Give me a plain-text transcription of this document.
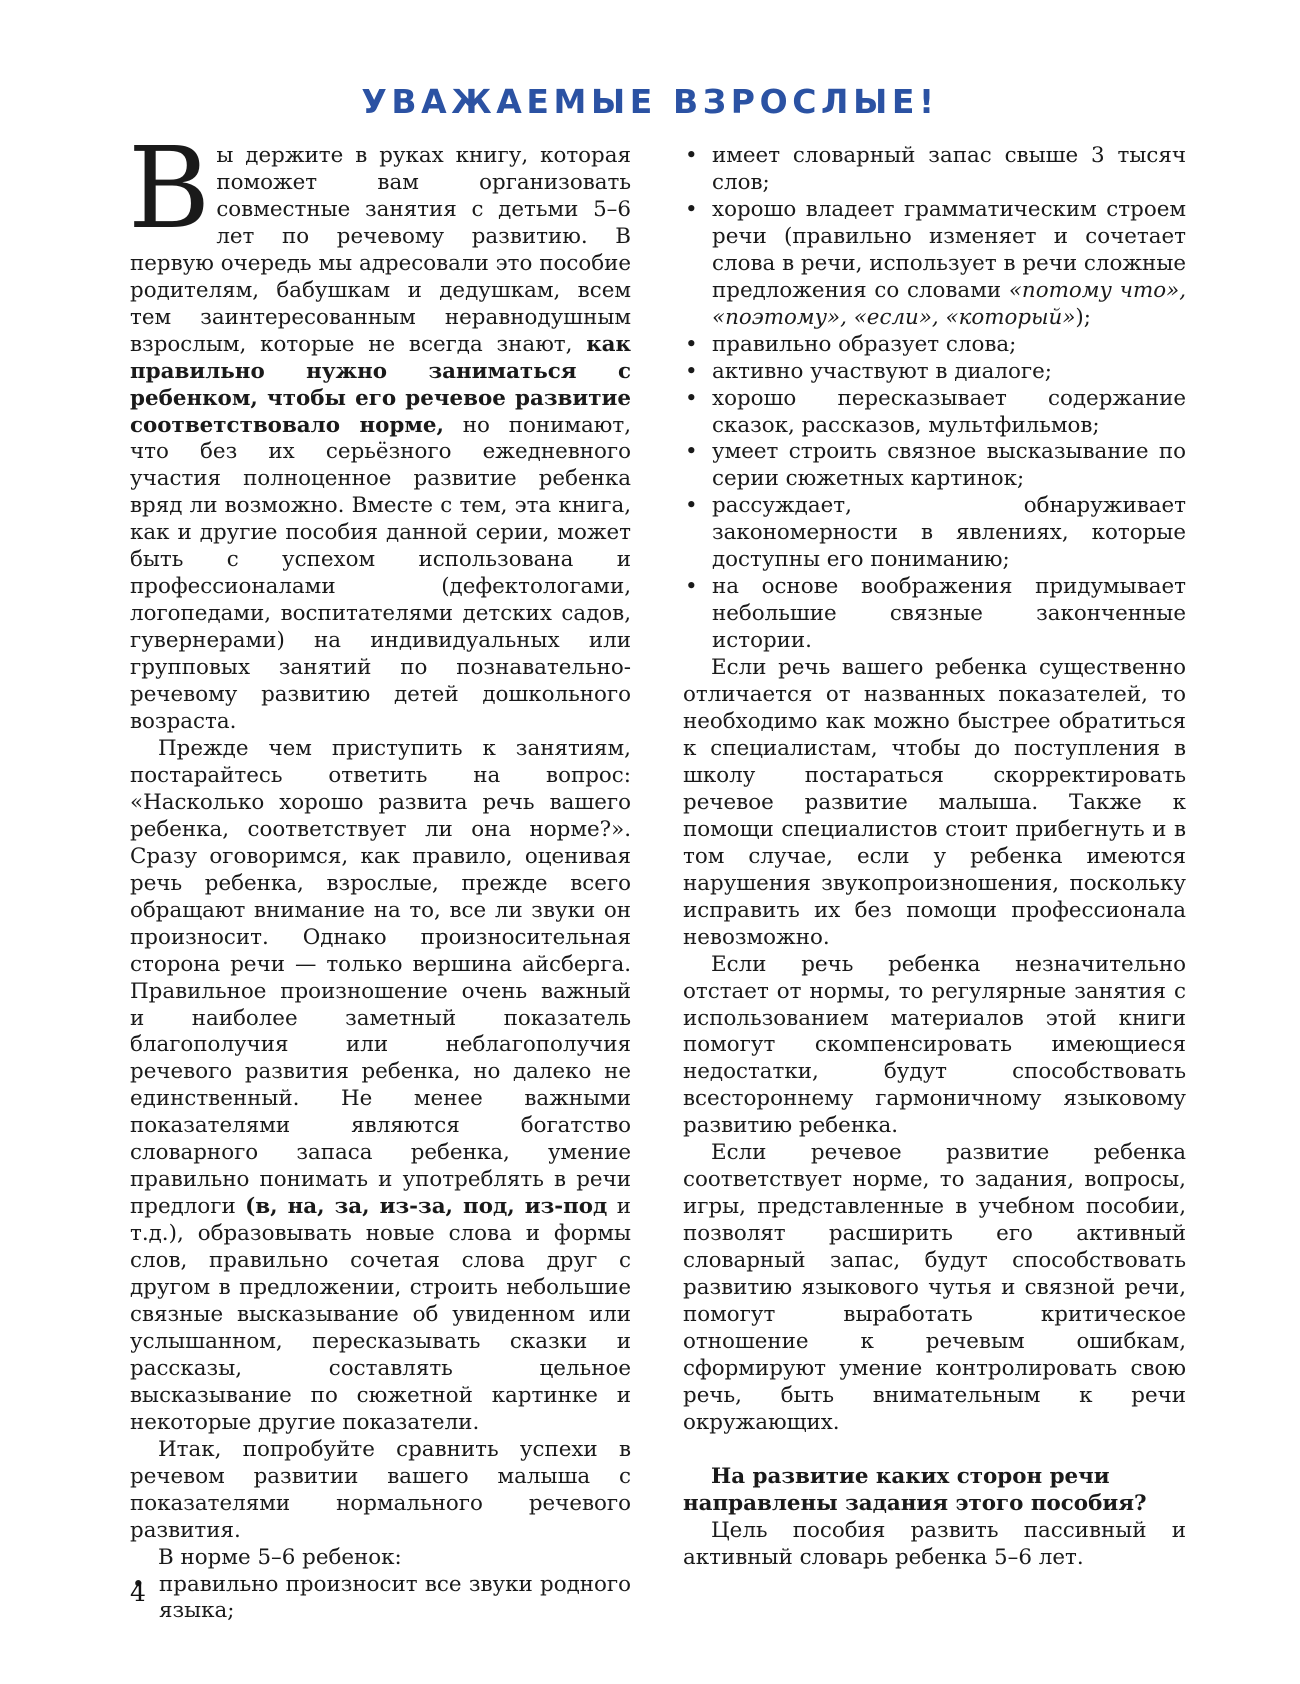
УВАЖАЕМЫЕ ВЗРОСЛЫЕ!

Вы держите в руках книгу, которая поможет вам организовать совместные занятия с детьми 5–6 лет по речевому развитию. В первую очередь мы адресовали это пособие родителям, бабушкам и дедушкам, всем тем заинтересованным неравнодушным взрослым, которые не всегда знают, как правильно нужно заниматься с ребенком, чтобы его речевое развитие соответствовало норме, но понимают, что без их серьёзного ежедневного участия полноценное развитие ребенка вряд ли возможно. Вместе с тем, эта книга, как и другие пособия данной серии, может быть с успехом использована и профессионалами (дефектологами, логопедами, воспитателями детских садов, гувернерами) на индивидуальных или групповых занятий по познавательно-речевому развитию детей дошкольного возраста.

Прежде чем приступить к занятиям, постарайтесь ответить на вопрос: «Насколько хорошо развита речь вашего ребенка, соответствует ли она норме?». Сразу оговоримся, как правило, оценивая речь ребенка, взрослые, прежде всего обращают внимание на то, все ли звуки он произносит. Однако произносительная сторона речи — только вершина айсберга. Правильное произношение очень важный и наиболее заметный показатель благополучия или неблагополучия речевого развития ребенка, но далеко не единственный. Не менее важными показателями являются богатство словарного запаса ребенка, умение правильно понимать и употреблять в речи предлоги (в, на, за, из-за, под, из-под и т.д.), образовывать новые слова и формы слов, правильно сочетая слова друг с другом в предложении, строить небольшие связные высказывание об увиденном или услышанном, пересказывать сказки и рассказы, составлять цельное высказывание по сюжетной картинке и некоторые другие показатели.

Итак, попробуйте сравнить успехи в речевом развитии вашего малыша с показателями нормального речевого развития.

В норме 5–6 ребенок:

• правильно произносит все звуки родного языка;
• имеет словарный запас свыше 3 тысяч слов;
• хорошо владеет грамматическим строем речи (правильно изменяет и сочетает слова в речи, использует в речи сложные предложения со словами «потому что», «поэтому», «если», «который»);
• правильно образует слова;
• активно участвуют в диалоге;
• хорошо пересказывает содержание сказок, рассказов, мультфильмов;
• умеет строить связное высказывание по серии сюжетных картинок;
• рассуждает, обнаруживает закономерности в явлениях, которые доступны его пониманию;
• на основе воображения придумывает небольшие связные законченные истории.

Если речь вашего ребенка существенно отличается от названных показателей, то необходимо как можно быстрее обратиться к специалистам, чтобы до поступления в школу постараться скорректировать речевое развитие малыша. Также к помощи специалистов стоит прибегнуть и в том случае, если у ребенка имеются нарушения звукопроизношения, поскольку исправить их без помощи профессионала невозможно.

Если речь ребенка незначительно отстает от нормы, то регулярные занятия с использованием материалов этой книги помогут скомпенсировать имеющиеся недостатки, будут способствовать всестороннему гармоничному языковому развитию ребенка.

Если речевое развитие ребенка соответствует норме, то задания, вопросы, игры, представленные в учебном пособии, позволят расширить его активный словарный запас, будут способствовать развитию языкового чутья и связной речи, помогут выработать критическое отношение к речевым ошибкам, сформируют умение контролировать свою речь, быть внимательным к речи окружающих.

На развитие каких сторон речи направлены задания этого пособия?

Цель пособия развить пассивный и активный словарь ребенка 5–6 лет.

4
